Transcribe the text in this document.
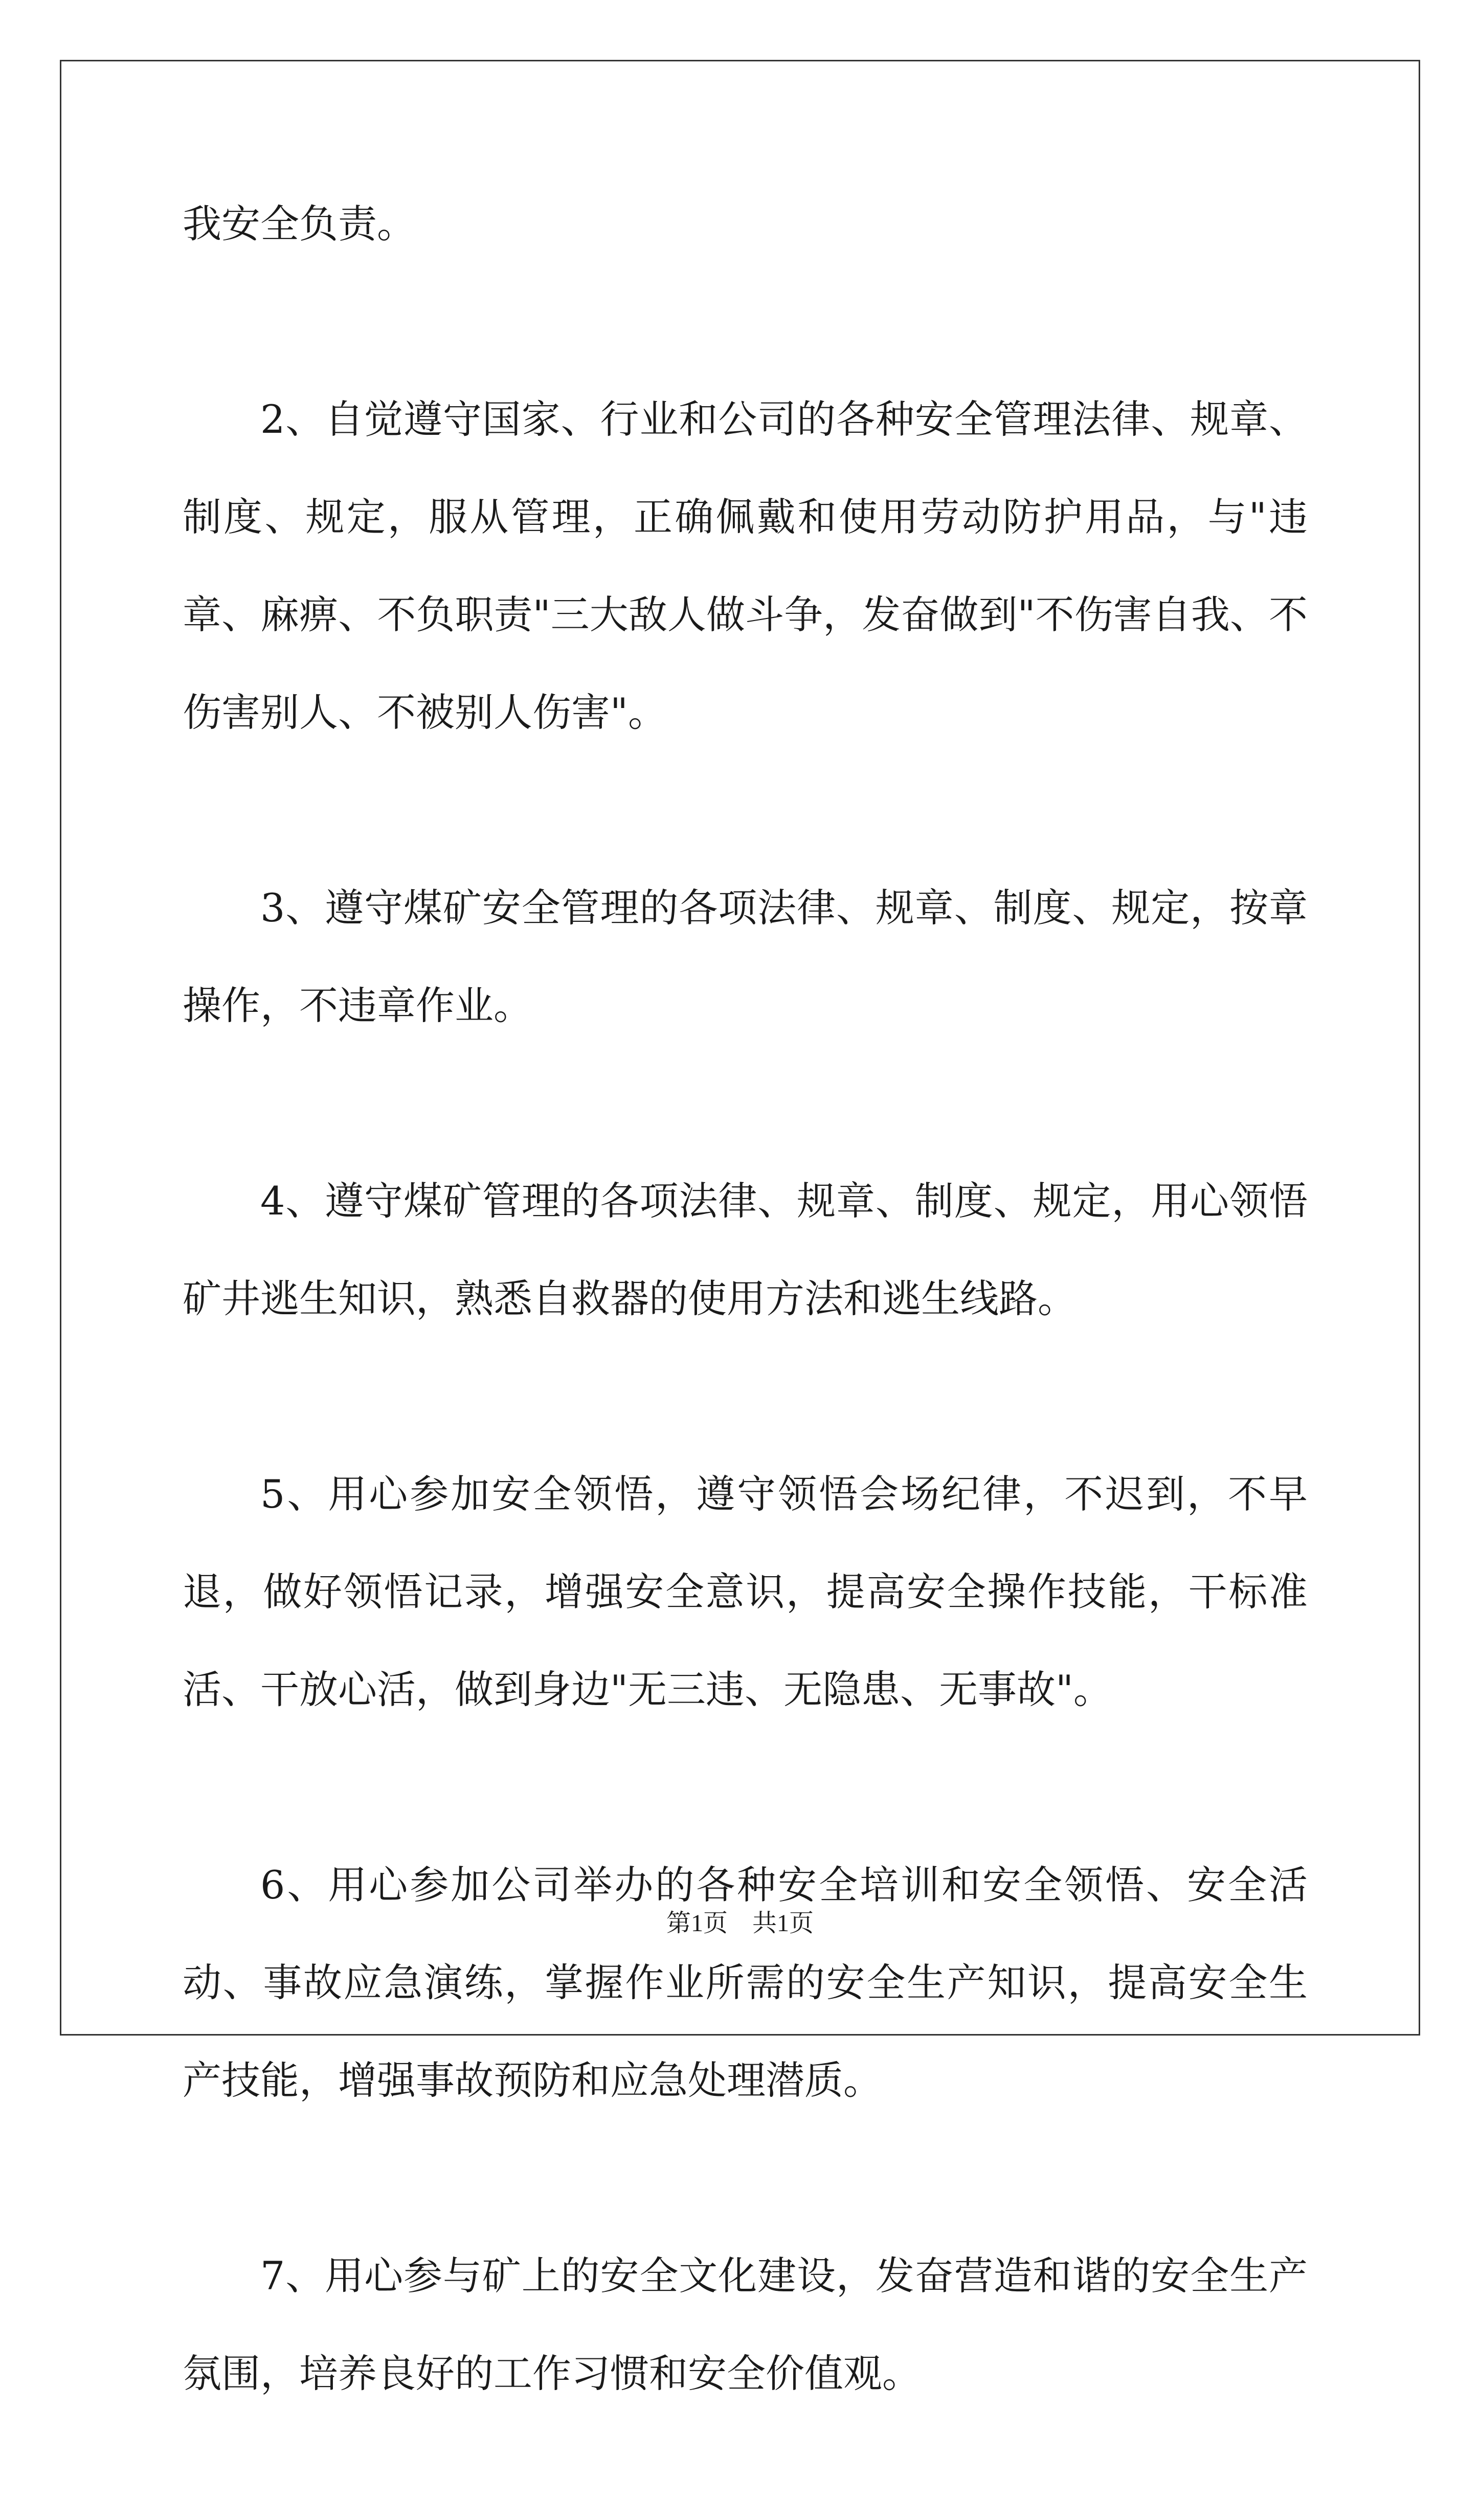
我安全负责。

2、自觉遵守国家、行业和公司的各种安全管理法律、规章、制度、规定，服从管理，正确佩戴和使用劳动防护用品，与"违章、麻痹、不负职责"三大敌人做斗争，发奋做到"不伤害自我、不伤害别人、不被别人伤害"。

3、遵守煤矿安全管理的各项法律、规章、制度、规定，按章操作，不违章作业。

4、遵守煤矿管理的各项法律、规章、制度、规定，用心领悟矿井逃生知识，熟悉自救器的使用方法和逃生线路。

5、用心参加安全领悟，遵守领悟会场纪律，不迟到，不早退，做好领悟记录，增强安全意识，提高安全操作技能，干标准活、干放心活，做到身边"无三违、无隐患、无事故"。

6、用心参加公司举办的各种安全培训和安全领悟、安全活动、事故应急演练，掌握作业所需的安全生产知识，提高安全生产技能，增强事故预防和应急处理潜质。

7、用心参与矿上的安全文化建设，发奋营造和谐的安全生产氛围，培养良好的工作习惯和安全价值观。

第1页　共1页
